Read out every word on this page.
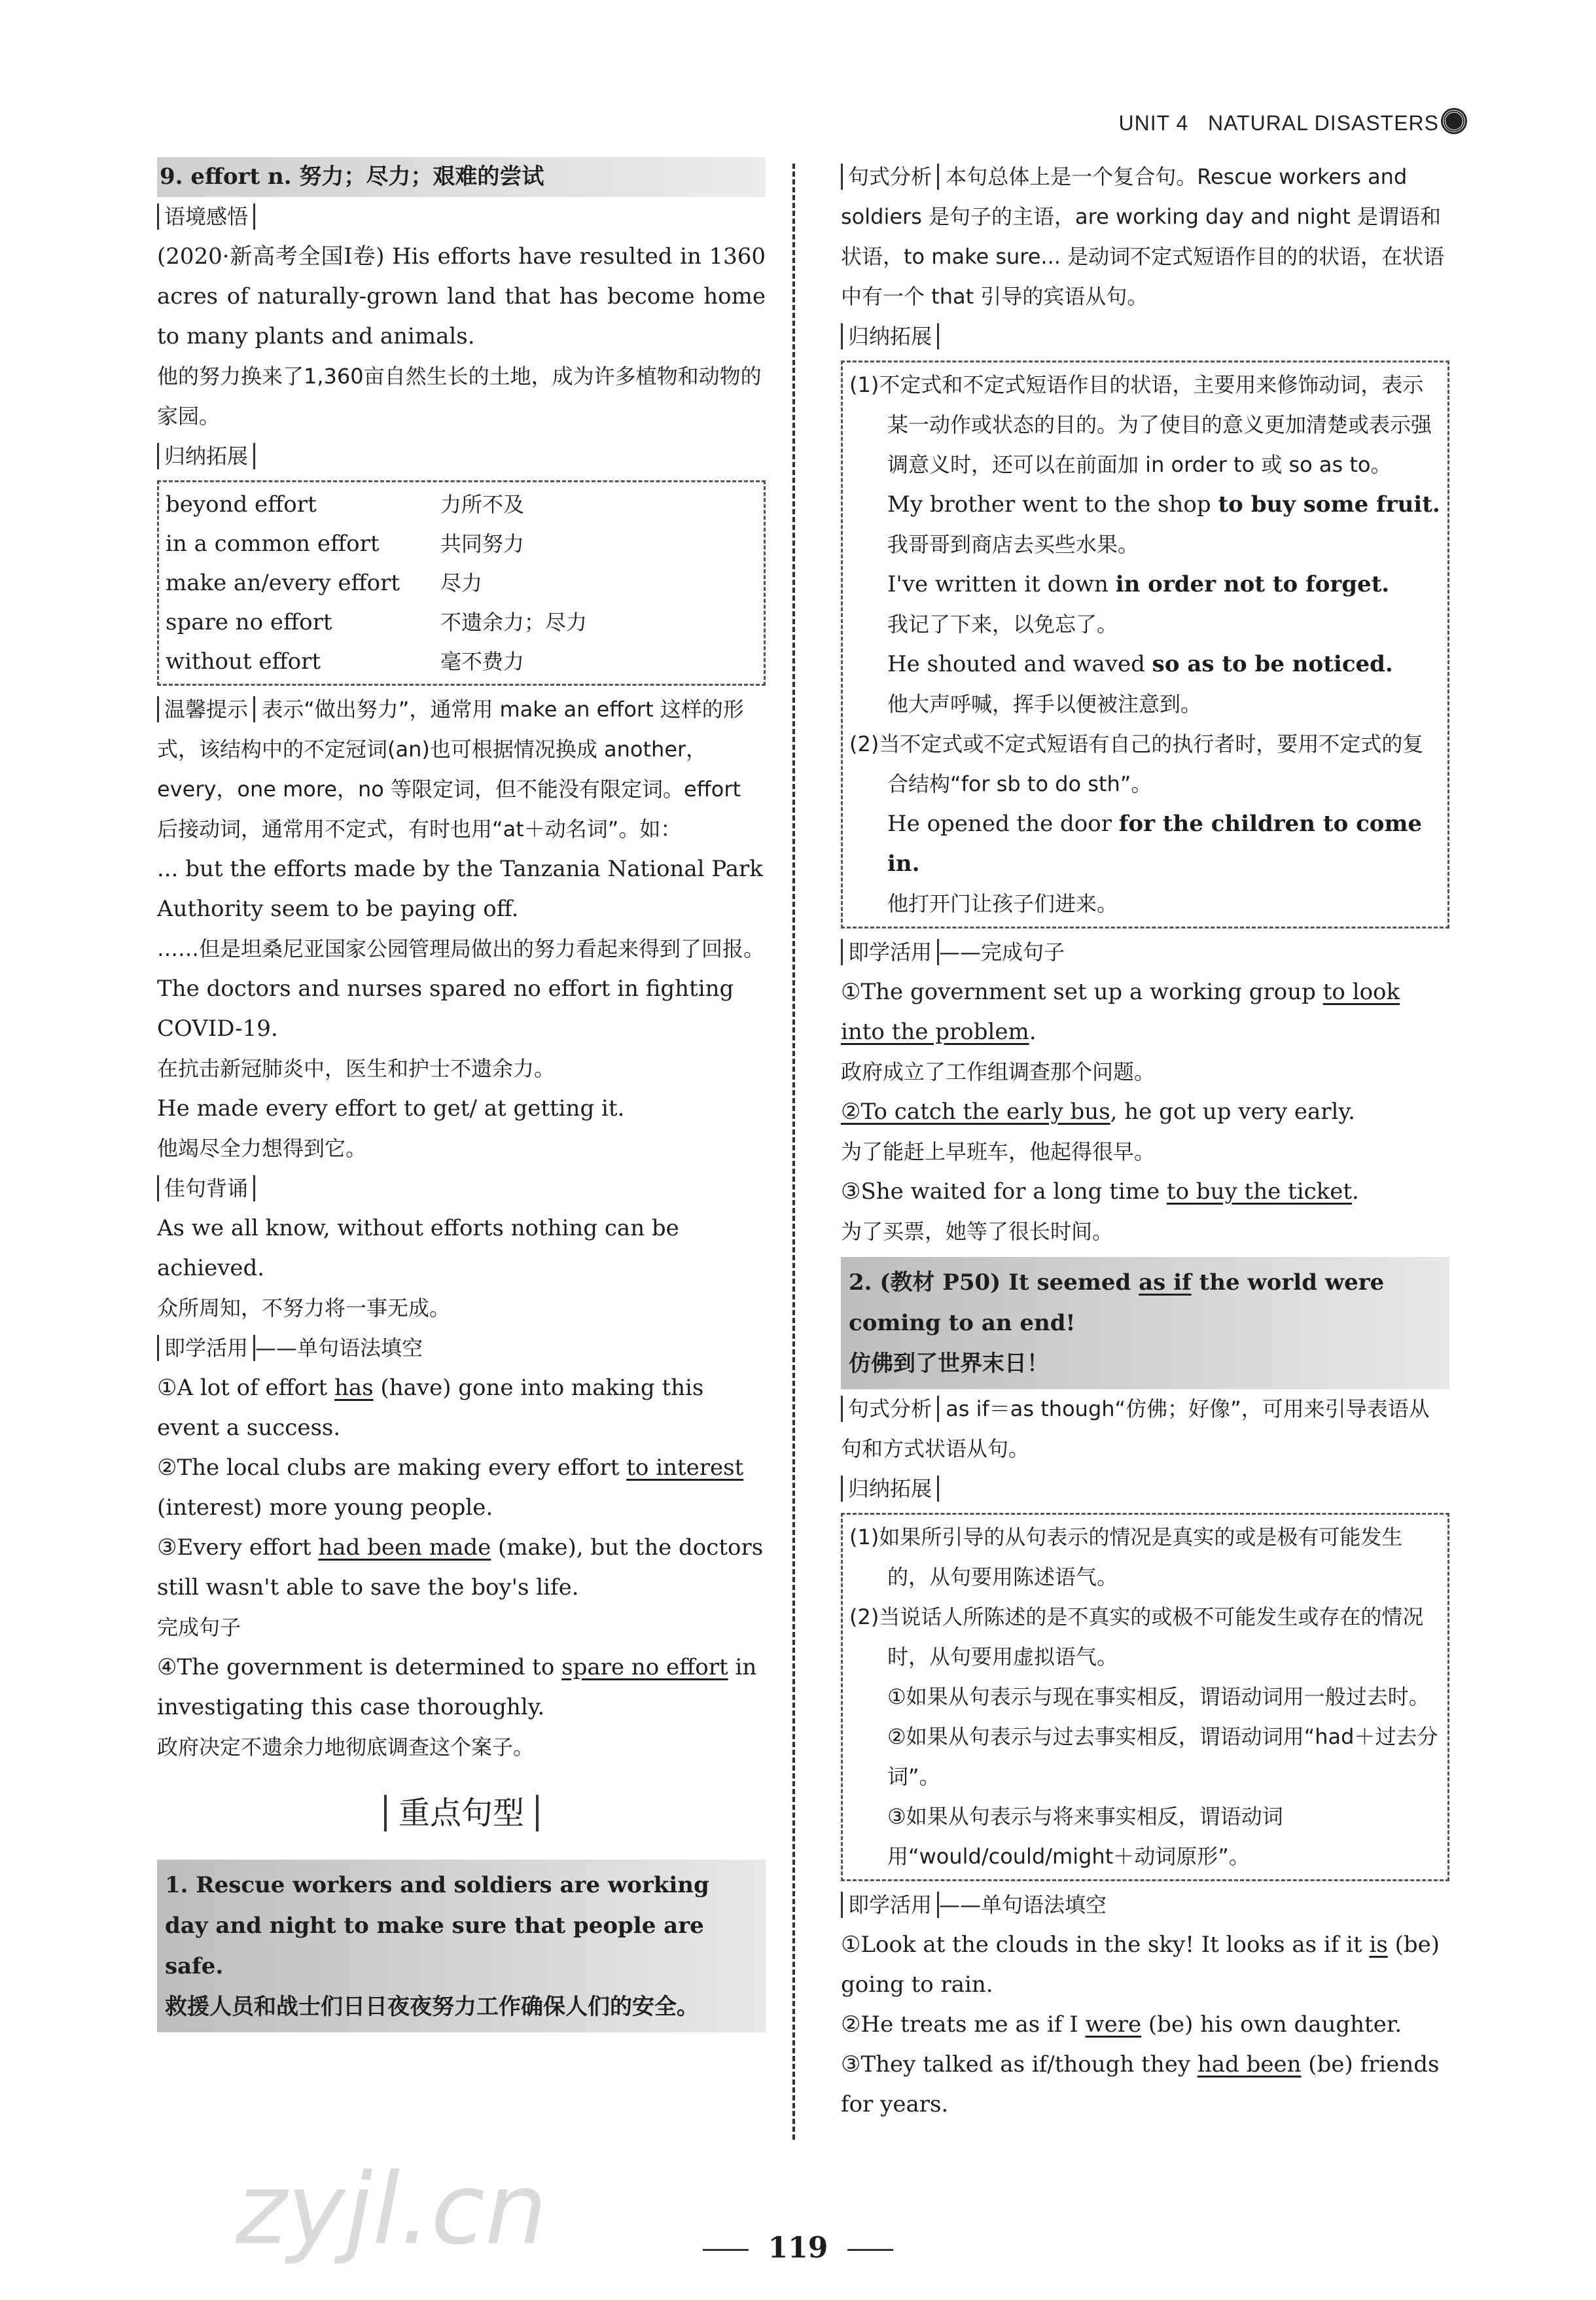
UNIT 4 NATURAL DISASTERS
9. effort n. 努力；尽力；艰难的尝试
语境感悟

(2020·新高考全国Ⅰ卷) His efforts have resulted in 1360 acres of naturally-grown land that has become home to many plants and animals.

他的努力换来了1,360亩自然生长的土地，成为许多植物和动物的家园。

归纳拓展
beyond effort	力所不及
in a common effort	共同努力
make an/every effort	尽力
spare no effort	不遗余力；尽力
without effort	毫不费力

温馨提示 表示“做出努力”，通常用 make an effort 这样的形式，该结构中的不定冠词(an)也可根据情况换成 another，every，one more，no 等限定词，但不能没有限定词。effort 后接动词，通常用不定式，有时也用“at＋动名词”。如：

... but the efforts made by the Tanzania National Park Authority seem to be paying off.

……但是坦桑尼亚国家公园管理局做出的努力看起来得到了回报。

The doctors and nurses spared no effort in fighting COVID-19.

在抗击新冠肺炎中，医生和护士不遗余力。

He made every effort to get/ at getting it.

他竭尽全力想得到它。

佳句背诵

As we all know, without efforts nothing can be achieved.

众所周知，不努力将一事无成。

即学活用 ——单句语法填空

①A lot of effort has (have) gone into making this event a success.

②The local clubs are making every effort to interest (interest) more young people.

③Every effort had been made (make), but the doctors still wasn't able to save the boy's life.

完成句子

④The government is determined to spare no effort in investigating this case thoroughly.

政府决定不遗余力地彻底调查这个案子。

重点句型
1. Rescue workers and soldiers are working day and night to make sure that people are safe.
救援人员和战士们日日夜夜努力工作确保人们的安全。

句式分析 本句总体上是一个复合句。Rescue workers and soldiers 是句子的主语，are working day and night 是谓语和状语，to make sure... 是动词不定式短语作目的的状语，在状语中有一个 that 引导的宾语从句。

归纳拓展

(1)不定式和不定式短语作目的状语，主要用来修饰动词，表示某一动作或状态的目的。为了使目的意义更加清楚或表示强调意义时，还可以在前面加 in order to 或 so as to。

My brother went to the shop to buy some fruit.

我哥哥到商店去买些水果。

I've written it down in order not to forget.

我记了下来，以免忘了。

He shouted and waved so as to be noticed.

他大声呼喊，挥手以便被注意到。

(2)当不定式或不定式短语有自己的执行者时，要用不定式的复合结构“for sb to do sth”。

He opened the door for the children to come in.

他打开门让孩子们进来。

即学活用 ——完成句子

①The government set up a working group to look into the problem.

政府成立了工作组调查那个问题。

②To catch the early bus, he got up very early.

为了能赶上早班车，他起得很早。

③She waited for a long time to buy the ticket.

为了买票，她等了很长时间。

2. (教材 P50) It seemed as if the world were coming to an end!
仿佛到了世界末日！

句式分析 as if＝as though“仿佛；好像”，可用来引导表语从句和方式状语从句。

归纳拓展

(1)如果所引导的从句表示的情况是真实的或是极有可能发生的，从句要用陈述语气。

(2)当说话人所陈述的是不真实的或极不可能发生或存在的情况时，从句要用虚拟语气。

①如果从句表示与现在事实相反，谓语动词用一般过去时。

②如果从句表示与过去事实相反，谓语动词用“had＋过去分词”。

③如果从句表示与将来事实相反，谓语动词用“would/could/might＋动词原形”。

即学活用 ——单句语法填空

①Look at the clouds in the sky! It looks as if it is (be) going to rain.

②He treats me as if I were (be) his own daughter.

③They talked as if/though they had been (be) friends for years.

119
zyjl.cn
